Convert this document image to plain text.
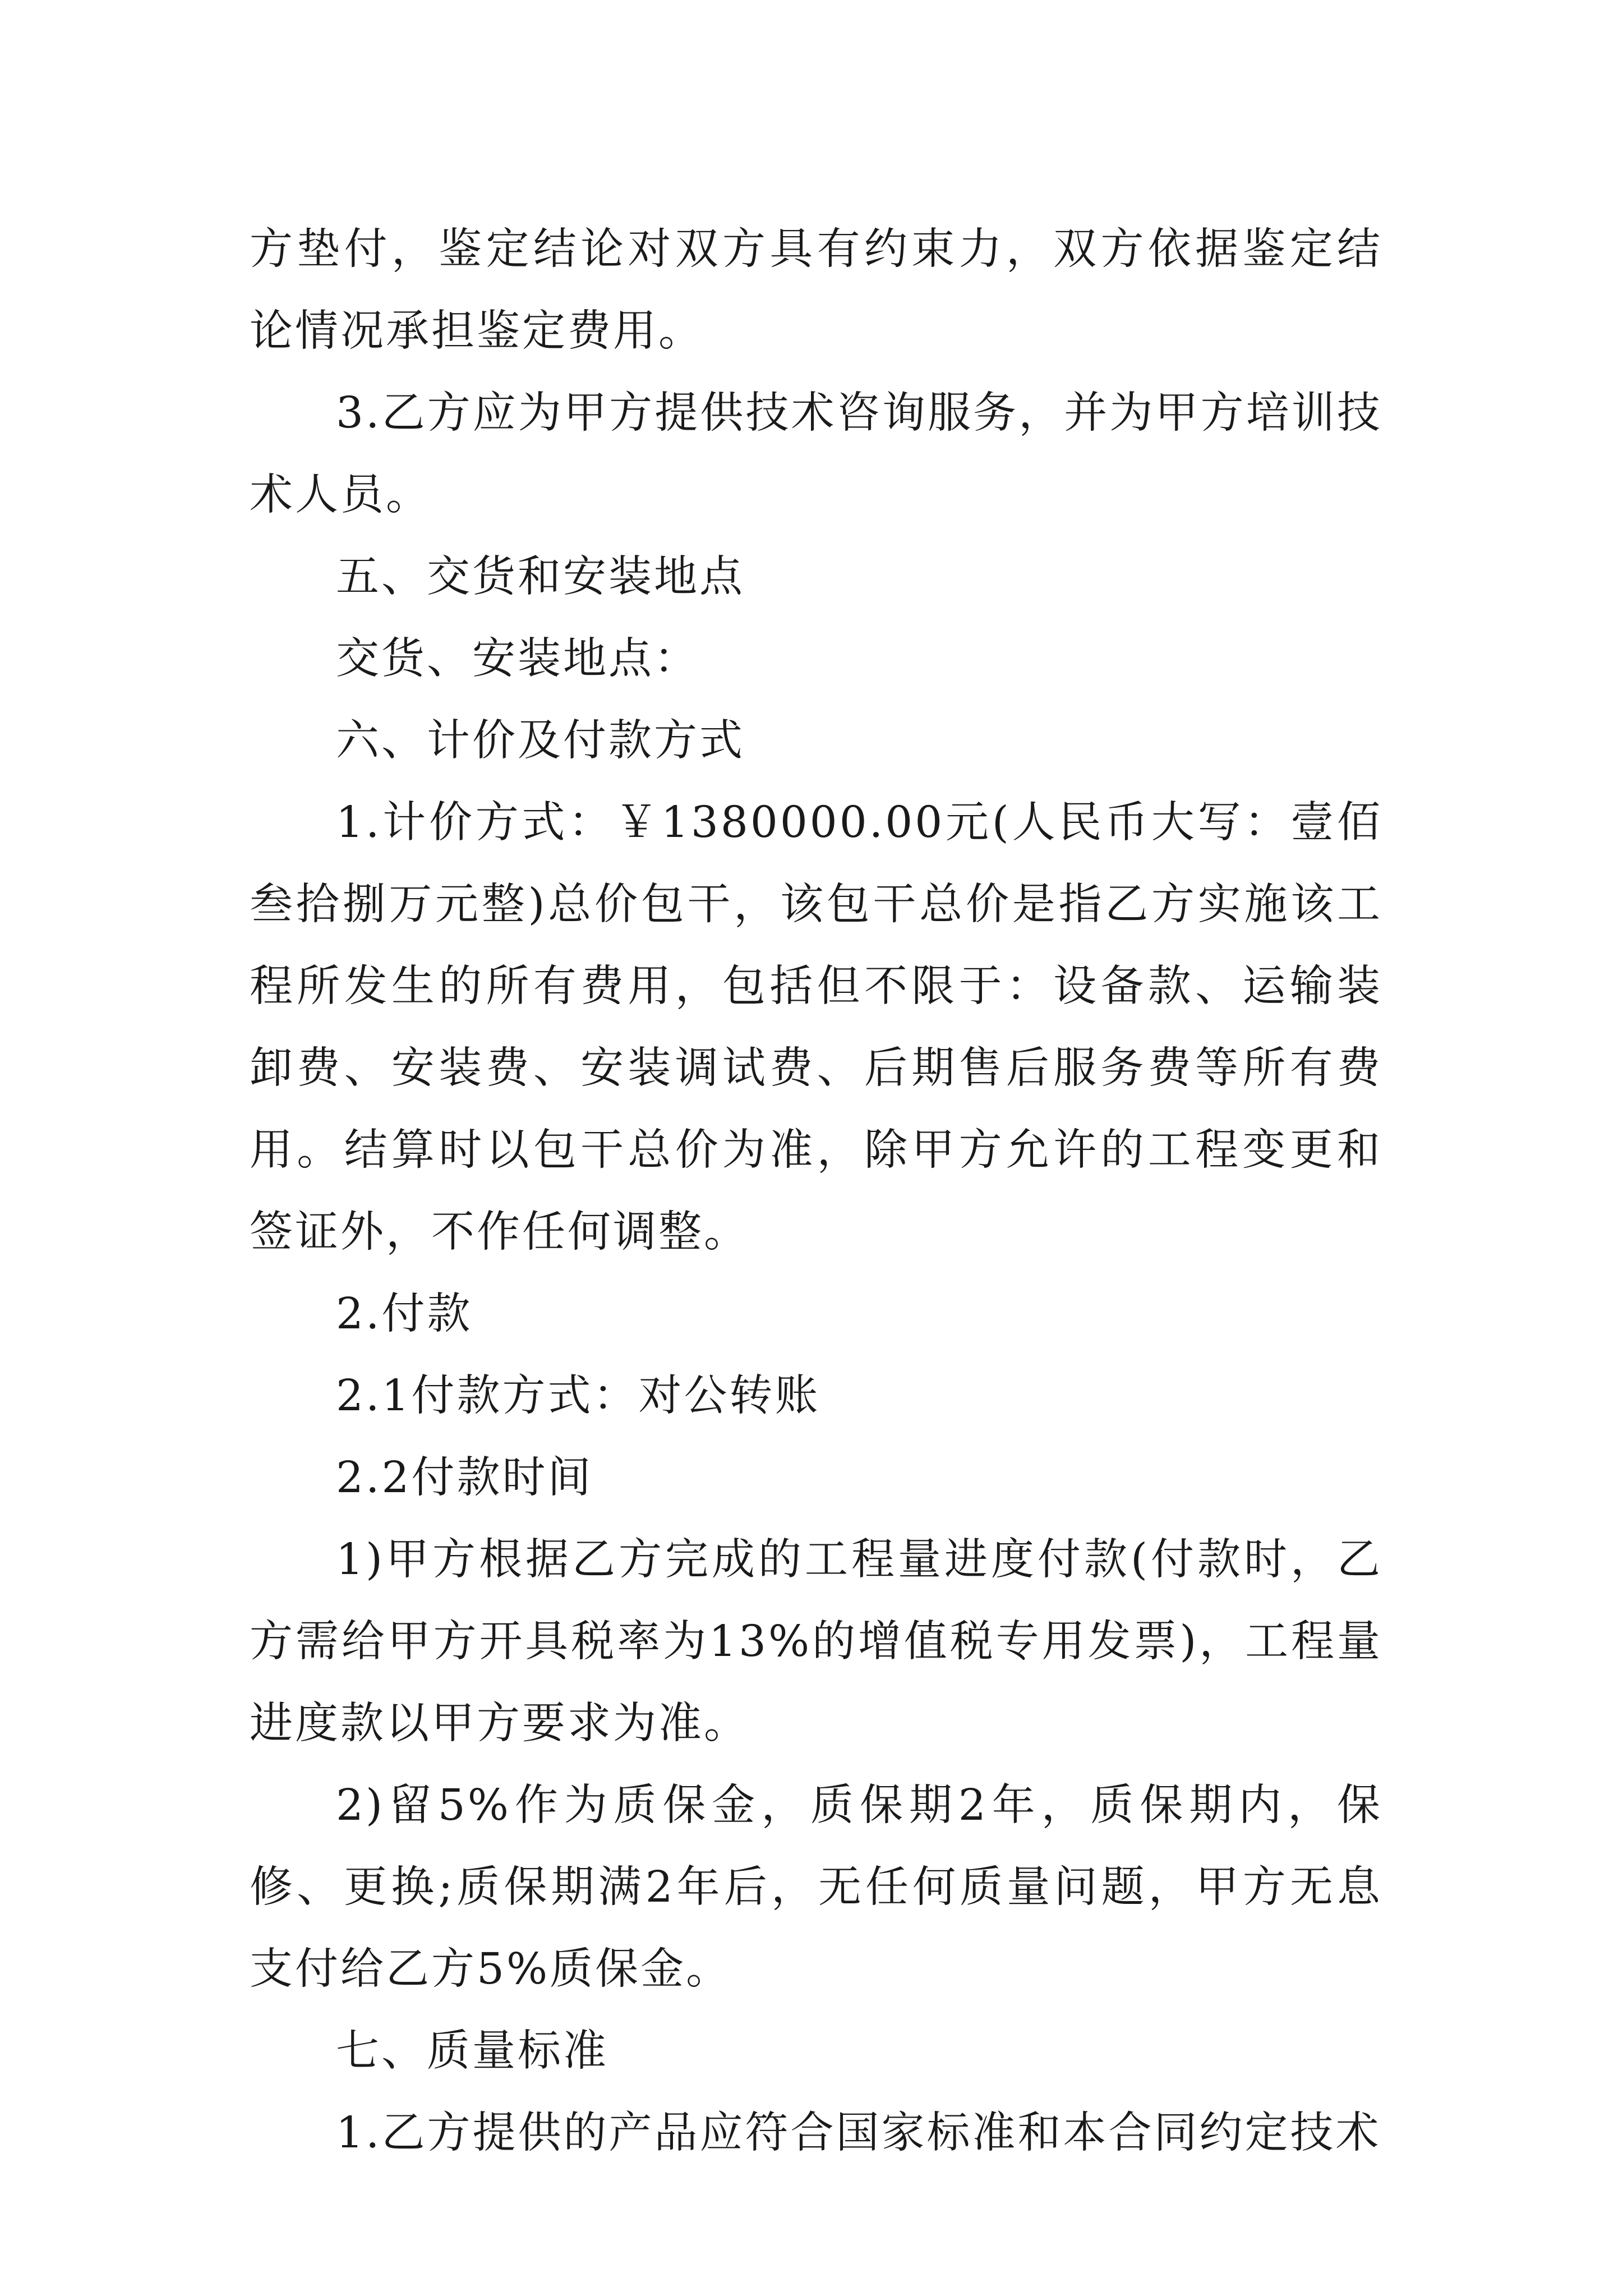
方垫付，鉴定结论对双方具有约束力，双方依据鉴定结论情况承担鉴定费用。

3.乙方应为甲方提供技术咨询服务，并为甲方培训技术人员。

五、交货和安装地点

交货、安装地点：

六、计价及付款方式

1.计价方式：￥1380000.00元(人民币大写：壹佰叁拾捌万元整)总价包干，该包干总价是指乙方实施该工程所发生的所有费用，包括但不限于：设备款、运输装卸费、安装费、安装调试费、后期售后服务费等所有费用。结算时以包干总价为准，除甲方允许的工程变更和签证外，不作任何调整。

2.付款

2.1付款方式：对公转账

2.2付款时间

1)甲方根据乙方完成的工程量进度付款(付款时，乙方需给甲方开具税率为13%的增值税专用发票)，工程量进度款以甲方要求为准。

2)留5%作为质保金，质保期2年，质保期内，保修、更换;质保期满2年后，无任何质量问题，甲方无息支付给乙方5%质保金。

七、质量标准

1.乙方提供的产品应符合国家标准和本合同约定技术
